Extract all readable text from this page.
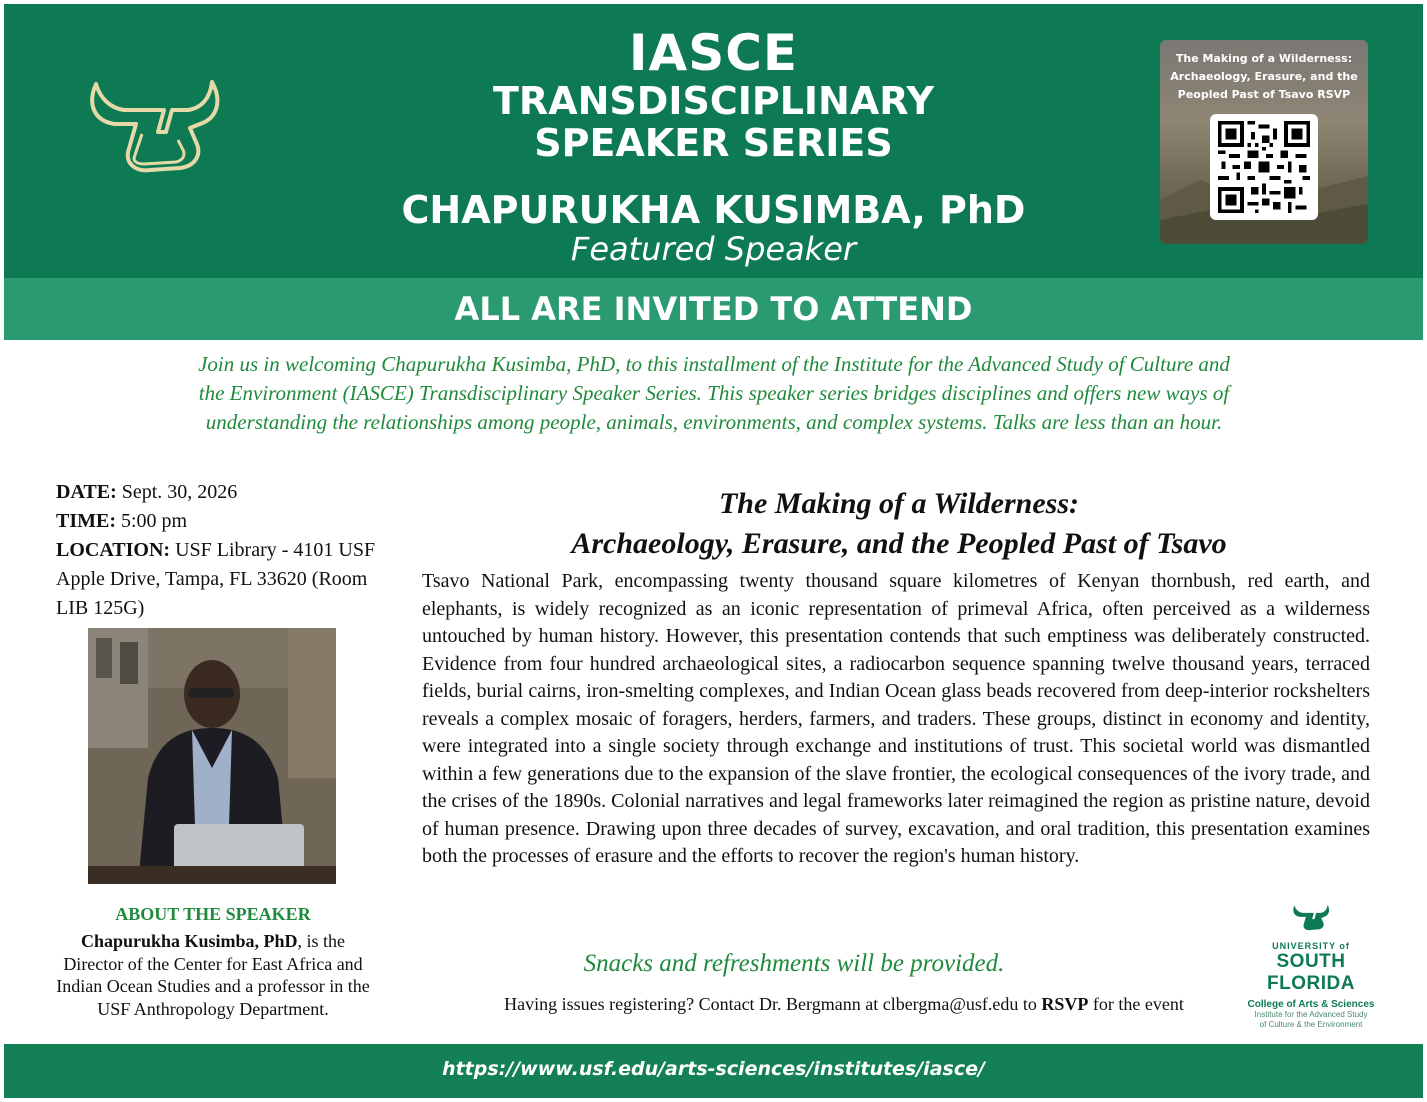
IASCE
TRANSDISCIPLINARY
SPEAKER SERIES
CHAPURUKHA KUSIMBA, PhD
Featured Speaker
The Making of a Wilderness:
Archaeology, Erasure, and the
Peopled Past of Tsavo RSVP
ALL ARE INVITED TO ATTEND
Join us in welcoming Chapurukha Kusimba, PhD, to this installment of the Institute for the Advanced Study of Culture and the Environment (IASCE) Transdisciplinary Speaker Series. This speaker series bridges disciplines and offers new ways of understanding the relationships among people, animals, environments, and complex systems. Talks are less than an hour.
DATE: Sept. 30, 2026
TIME: 5:00 pm
LOCATION: USF Library - 4101 USF Apple Drive, Tampa, FL 33620 (Room LIB 125G)
ABOUT THE SPEAKER
Chapurukha Kusimba, PhD, is the Director of the Center for East Africa and Indian Ocean Studies and a professor in the USF Anthropology Department.
The Making of a Wilderness:
Archaeology, Erasure, and the Peopled Past of Tsavo
Tsavo National Park, encompassing twenty thousand square kilometres of Kenyan thornbush, red earth, and elephants, is widely recognized as an iconic representation of primeval Africa, often perceived as a wilderness untouched by human history. However, this presentation contends that such emptiness was deliberately constructed. Evidence from four hundred archaeological sites, a radiocarbon sequence spanning twelve thousand years, terraced fields, burial cairns, iron-smelting complexes, and Indian Ocean glass beads recovered from deep-interior rockshelters reveals a complex mosaic of foragers, herders, farmers, and traders. These groups, distinct in economy and identity, were integrated into a single society through exchange and institutions of trust. This societal world was dismantled within a few generations due to the expansion of the slave frontier, the ecological consequences of the ivory trade, and the crises of the 1890s. Colonial narratives and legal frameworks later reimagined the region as pristine nature, devoid of human presence. Drawing upon three decades of survey, excavation, and oral tradition, this presentation examines both the processes of erasure and the efforts to recover the region's human history.
Snacks and refreshments will be provided.
Having issues registering? Contact Dr. Bergmann at clbergma@usf.edu to RSVP for the event
UNIVERSITY of
SOUTH FLORIDA
College of Arts & Sciences
Institute for the Advanced Study
of Culture & the Environment
https://www.usf.edu/arts-sciences/institutes/iasce/
